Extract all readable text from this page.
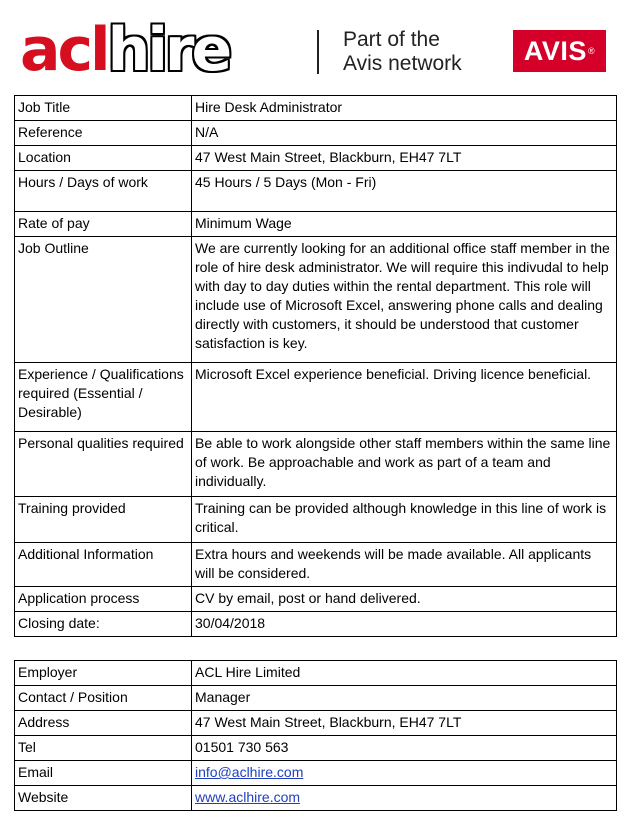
aclhire	Part of the
Avis network AVIS ®
Job Title	Hire Desk Administrator
Reference	N/A
Location	47 West Main Street, Blackburn, EH47 7LT
Hours / Days of work	45 Hours / 5 Days (Mon - Fri)
Rate of pay	Minimum Wage
Job Outline	We are currently looking for an additional office staff member in the role of hire desk administrator. We will require this indivudal to help with day to day duties within the rental department. This role will include use of Microsoft Excel, answering phone calls and dealing directly with customers, it should be understood that customer satisfaction is key.
Experience / Qualifications required (Essential / Desirable)	Microsoft Excel experience beneficial. Driving licence beneficial.
Personal qualities required	Be able to work alongside other staff members within the same line of work. Be approachable and work as part of a team and individually.
Training provided	Training can be provided although knowledge in this line of work is critical.
Additional Information	Extra hours and weekends will be made available. All applicants will be considered.
Application process	CV by email, post or hand delivered.
Closing date:	30/04/2018
Employer	ACL Hire Limited
Contact / Position	Manager
Address	47 West Main Street, Blackburn, EH47 7LT
Tel	01501 730 563
Email	info@aclhire.com
Website	www.aclhire.com
